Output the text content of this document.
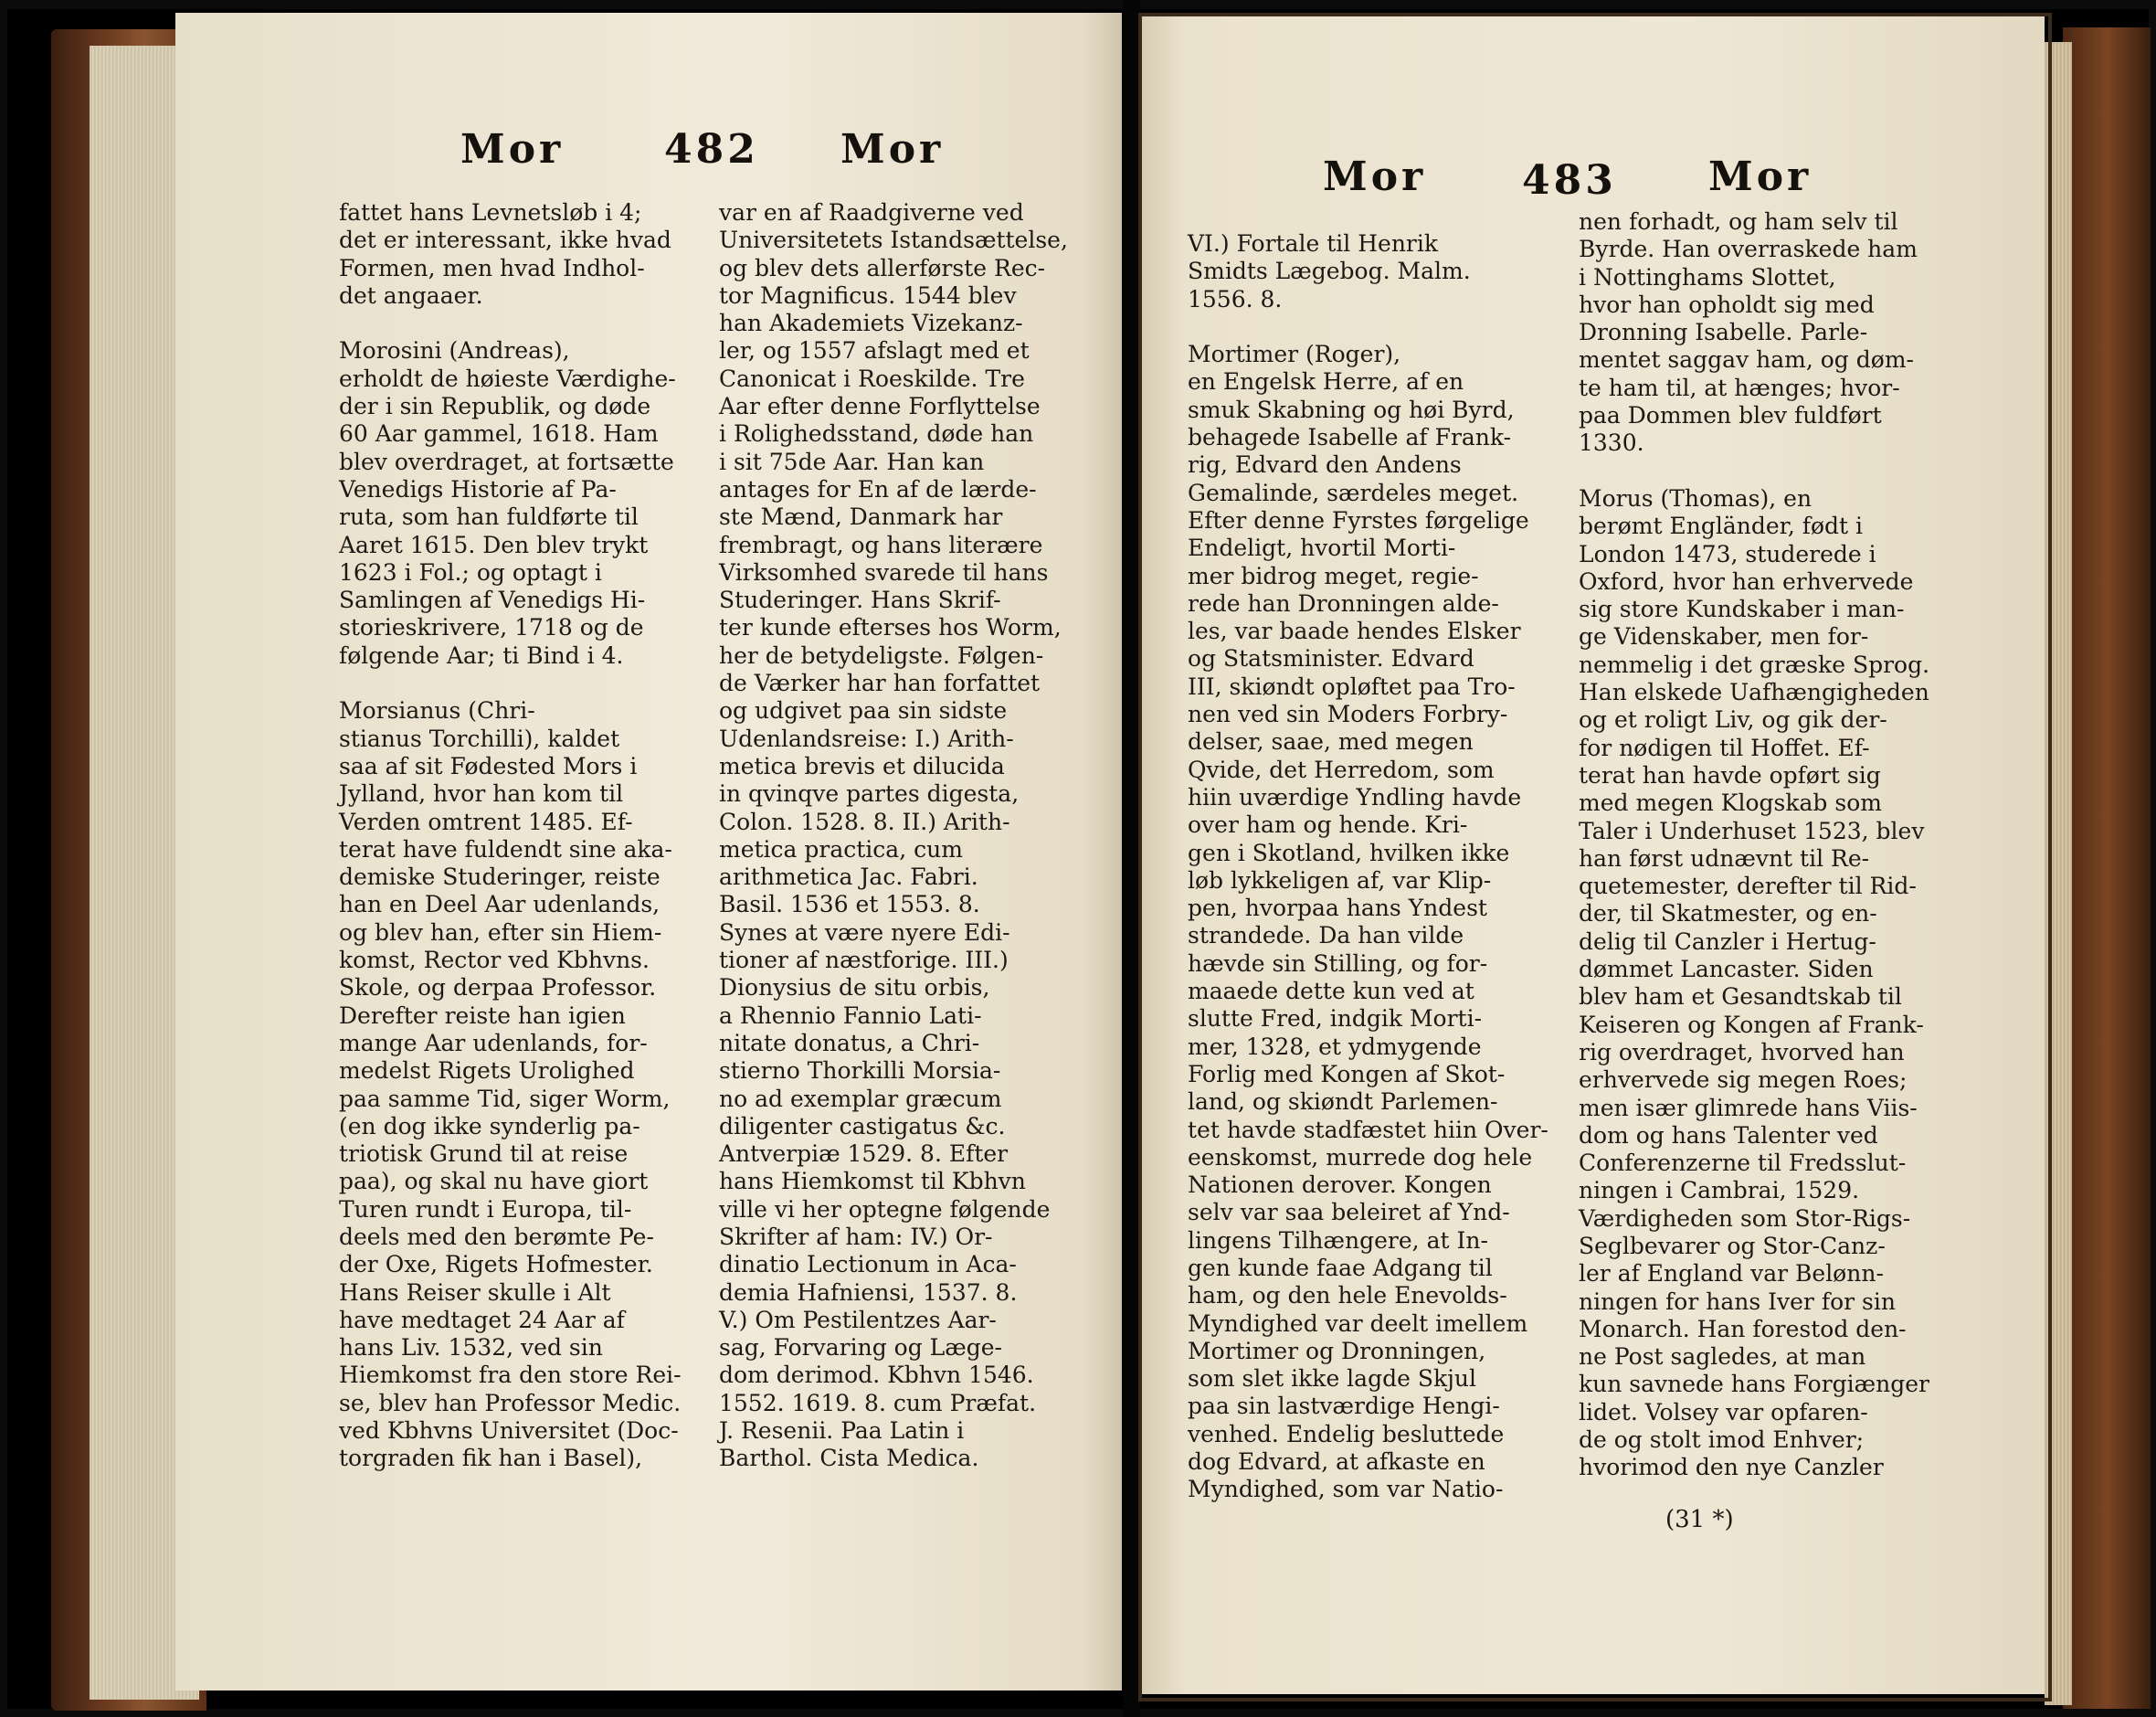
Mor 482 Mor
fattet hans Levnetsløb i 4;
det er interessant, ikke hvad
Formen, men hvad Indhol-
det angaaer.

Morosini (Andreas),
erholdt de høieste Værdighe-
der i sin Republik, og døde
60 Aar gammel, 1618. Ham
blev overdraget, at fortsætte
Venedigs Historie af Pa-
ruta, som han fuldførte til
Aaret 1615. Den blev trykt
1623 i Fol.; og optagt i
Samlingen af Venedigs Hi-
storieskrivere, 1718 og de
følgende Aar; ti Bind i 4.

Morsianus (Chri-
stianus Torchilli), kaldet
saa af sit Fødested Mors i
Jylland, hvor han kom til
Verden omtrent 1485. Ef-
terat have fuldendt sine aka-
demiske Studeringer, reiste
han en Deel Aar udenlands,
og blev han, efter sin Hiem-
komst, Rector ved Kbhvns.
Skole, og derpaa Professor.
Derefter reiste han igien
mange Aar udenlands, for-
medelst Rigets Urolighed
paa samme Tid, siger Worm,
(en dog ikke synderlig pa-
triotisk Grund til at reise
paa), og skal nu have giort
Turen rundt i Europa, til-
deels med den berømte Pe-
der Oxe, Rigets Hofmester.
Hans Reiser skulle i Alt
have medtaget 24 Aar af
hans Liv. 1532, ved sin
Hiemkomst fra den store Rei-
se, blev han Professor Medic.
ved Kbhvns Universitet (Doc-
torgraden fik han i Basel),
var en af Raadgiverne ved
Universitetets Istandsættelse,
og blev dets allerførste Rec-
tor Magnificus. 1544 blev
han Akademiets Vizekanz-
ler, og 1557 afslagt med et
Canonicat i Roeskilde. Tre
Aar efter denne Forflyttelse
i Rolighedsstand, døde han
i sit 75de Aar. Han kan
antages for En af de lærde-
ste Mænd, Danmark har
frembragt, og hans literære
Virksomhed svarede til hans
Studeringer. Hans Skrif-
ter kunde efterses hos Worm,
her de betydeligste. Følgen-
de Værker har han forfattet
og udgivet paa sin sidste
Udenlandsreise: I.) Arith-
metica brevis et dilucida
in qvinqve partes digesta,
Colon. 1528. 8. II.) Arith-
metica practica, cum
arithmetica Jac. Fabri.
Basil. 1536 et 1553. 8.
Synes at være nyere Edi-
tioner af næstforige. III.)
Dionysius de situ orbis,
a Rhennio Fannio Lati-
nitate donatus, a Chri-
stierno Thorkilli Morsia-
no ad exemplar græcum
diligenter castigatus &c.
Antverpiæ 1529. 8. Efter
hans Hiemkomst til Kbhvn
ville vi her optegne følgende
Skrifter af ham: IV.) Or-
dinatio Lectionum in Aca-
demia Hafniensi, 1537. 8.
V.) Om Pestilentzes Aar-
sag, Forvaring og Læge-
dom derimod. Kbhvn 1546.
1552. 1619. 8. cum Præfat.
J. Resenii. Paa Latin i
Barthol. Cista Medica.
Mor 483 Mor
VI.) Fortale til Henrik
Smidts Lægebog. Malm.
1556. 8.

Mortimer (Roger),
en Engelsk Herre, af en
smuk Skabning og høi Byrd,
behagede Isabelle af Frank-
rig, Edvard den Andens
Gemalinde, særdeles meget.
Efter denne Fyrstes førgelige
Endeligt, hvortil Morti-
mer bidrog meget, regie-
rede han Dronningen alde-
les, var baade hendes Elsker
og Statsminister. Edvard
III, skiøndt opløftet paa Tro-
nen ved sin Moders Forbry-
delser, saae, med megen
Qvide, det Herredom, som
hiin uværdige Yndling havde
over ham og hende. Kri-
gen i Skotland, hvilken ikke
løb lykkeligen af, var Klip-
pen, hvorpaa hans Yndest
strandede. Da han vilde
hævde sin Stilling, og for-
maaede dette kun ved at
slutte Fred, indgik Morti-
mer, 1328, et ydmygende
Forlig med Kongen af Skot-
land, og skiøndt Parlemen-
tet havde stadfæstet hiin Over-
eenskomst, murrede dog hele
Nationen derover. Kongen
selv var saa beleiret af Ynd-
lingens Tilhængere, at In-
gen kunde faae Adgang til
ham, og den hele Enevolds-
Myndighed var deelt imellem
Mortimer og Dronningen,
som slet ikke lagde Skjul
paa sin lastværdige Hengi-
venhed. Endelig besluttede
dog Edvard, at afkaste en
Myndighed, som var Natio-
nen forhadt, og ham selv til
Byrde. Han overraskede ham
i Nottinghams Slottet,
hvor han opholdt sig med
Dronning Isabelle. Parle-
mentet saggav ham, og døm-
te ham til, at hænges; hvor-
paa Dommen blev fuldført
1330.

Morus (Thomas), en
berømt Engländer, født i
London 1473, studerede i
Oxford, hvor han erhvervede
sig store Kundskaber i man-
ge Videnskaber, men for-
nemmelig i det græske Sprog.
Han elskede Uafhængigheden
og et roligt Liv, og gik der-
for nødigen til Hoffet. Ef-
terat han havde opført sig
med megen Klogskab som
Taler i Underhuset 1523, blev
han først udnævnt til Re-
quetemester, derefter til Rid-
der, til Skatmester, og en-
delig til Canzler i Hertug-
dømmet Lancaster. Siden
blev ham et Gesandtskab til
Keiseren og Kongen af Frank-
rig overdraget, hvorved han
erhvervede sig megen Roes;
men især glimrede hans Viis-
dom og hans Talenter ved
Conferenzerne til Fredsslut-
ningen i Cambrai, 1529.
Værdigheden som Stor-Rigs-
Seglbevarer og Stor-Canz-
ler af England var Belønn-
ningen for hans Iver for sin
Monarch. Han forestod den-
ne Post sagledes, at man
kun savnede hans Forgiænger
lidet. Volsey var opfaren-
de og stolt imod Enhver;
hvorimod den nye Canzler
(31 *)
